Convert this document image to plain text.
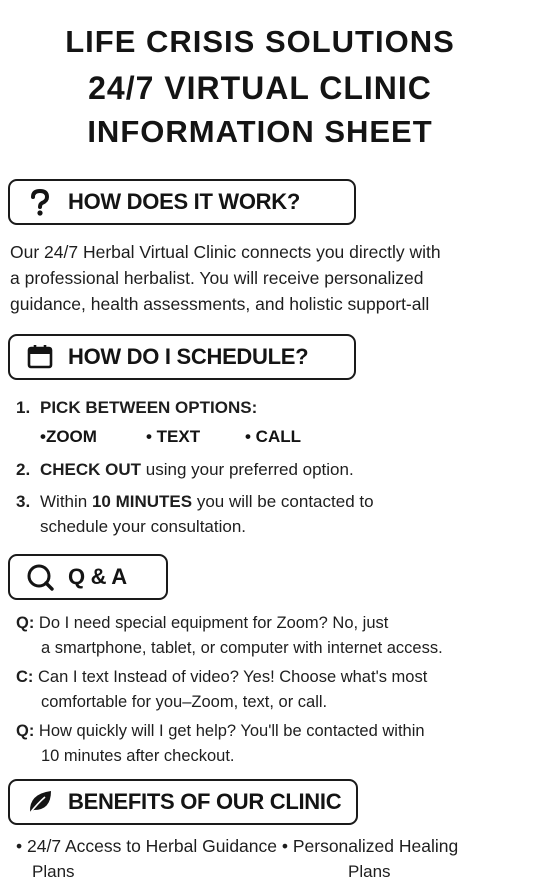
LIFE CRISIS SOLUTIONS
24/7 VIRTUAL CLINIC
INFORMATION SHEET
HOW DOES IT WORK?
Our 24/7 Herbal Virtual Clinic connects you directly with
a professional herbalist. You will receive personalized
guidance, health assessments, and holistic support-all
HOW DO I SCHEDULE?
1. PICK BETWEEN OPTIONS:
•ZOOM	• TEXT	• CALL
2. CHECK OUT using your preferred option.
3. Within 10 MINUTES you will be contacted to
schedule your consultation.
Q & A
Q: Do I need special equipment for Zoom? No, just
a smartphone, tablet, or computer with internet access.
C: Can I text Instead of video? Yes! Choose what's most
comfortable for you–Zoom, text, or call.
Q: How quickly will I get help? You'll be contacted within
10 minutes after checkout.
BENEFITS OF OUR CLINIC
• 24/7 Access to Herbal Guidance • Personalized Healing
Plans	Plans
